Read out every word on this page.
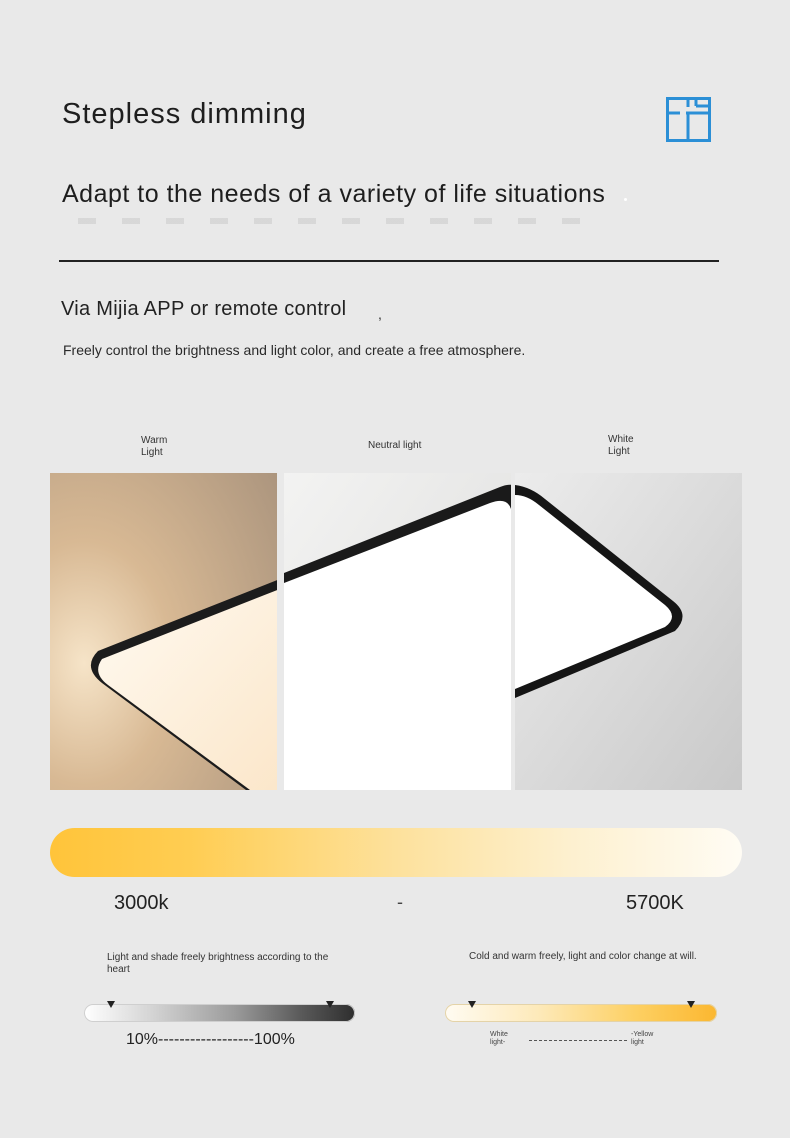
Stepless dimming
Adapt to the needs of a variety of life situations
Via Mijia APP or remote control ,
Freely control the brightness and light color, and create a free atmosphere.
Warm
Light
Neutral light
White
Light
3000k	-	5700K
Light and shade freely brightness according to the heart
Cold and warm freely, light and color change at will.
10%------------------100%	White
light-
-Yellow
light
